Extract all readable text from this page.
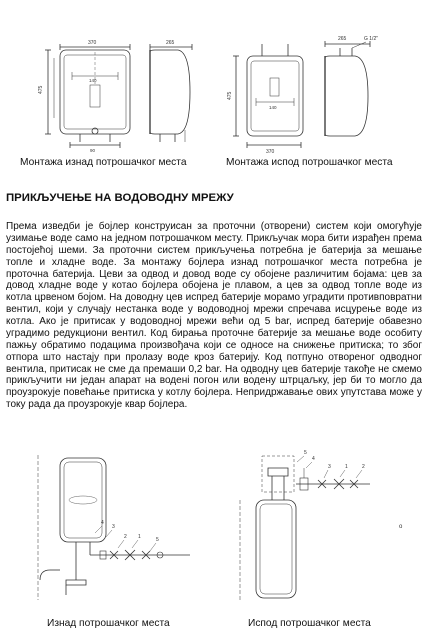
370
475
140
90
265
370
475
140
265	G 1/2"
Монтажа изнад потрошачког места	Монтажа испод потрошачког места
ПРИКЉУЧЕЊЕ НА ВОДОВОДНУ МРЕЖУ

Према изведби је бојлер конструисан за проточни (отворени) систем који омогућује узимање воде само на једном потрошачком месту. Прикључак мора бити израђен према постојећој шеми. За проточни систем прикључења потребна је батерија за мешање топле и хладне воде. За монтажу бојлера изнад потрошачког места потребна је проточна батерија. Цеви за одвод и довод воде су обојене различитим бојама: цев за довод хладне воде у котао бојлера обојена је плавом, а цев за одвод топле воде из котла црвеном бојом. На доводну цев испред батерије морамо уградити противповратни вентил, који у случају нестанка воде у водоводној мрежи спречава исцурење воде из котла. Ако је притисак у водоводној мрежи већи од 5 bar, испред батерије обавезно уградимо редукциони вентил. Код бирања проточне батерије за мешање воде особиту пажњу обратимо подацима произвођача који се односе на снижење притиска; то због отпора што настају при пролазу воде кроз батерију. Код потпуно отвореног одводног вентила, притисак не сме да премаши 0,2 bar. На одводну цев батерије такође не смемо прикључити ни један апарат на воденi погон или водену штрцаљку, јер би то могло да проузрокује повећање притиска у котлу бојлера. Непридржавање ових упутстава може у току рада да проузрокује квар бојлера.

4
3
2 1	5
5
4
3	1	2
o
Изнад потрошачког места	Испод потрошачког места
